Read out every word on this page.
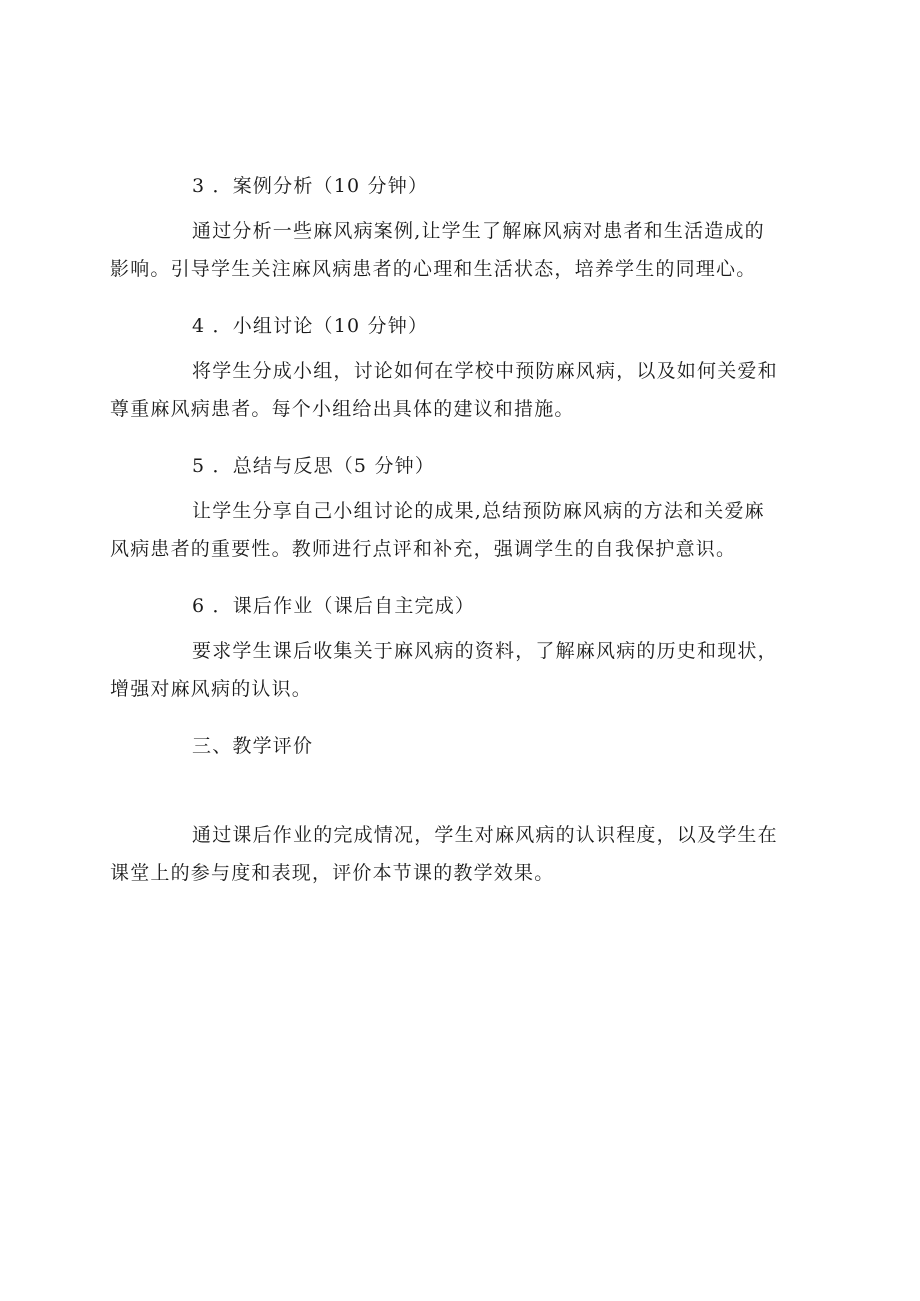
3 ．案例分析（10 分钟）
通过分析一些麻风病案例,让学生了解麻风病对患者和生活造成的
影响。引导学生关注麻风病患者的心理和生活状态，培养学生的同理心。
4 ．小组讨论（10 分钟）
将学生分成小组，讨论如何在学校中预防麻风病，以及如何关爱和
尊重麻风病患者。每个小组给出具体的建议和措施。
5 ．总结与反思（5 分钟）
让学生分享自己小组讨论的成果,总结预防麻风病的方法和关爱麻
风病患者的重要性。教师进行点评和补充，强调学生的自我保护意识。
6 ．课后作业（课后自主完成）
要求学生课后收集关于麻风病的资料，了解麻风病的历史和现状，
增强对麻风病的认识。
三、教学评价
通过课后作业的完成情况，学生对麻风病的认识程度，以及学生在
课堂上的参与度和表现，评价本节课的教学效果。
